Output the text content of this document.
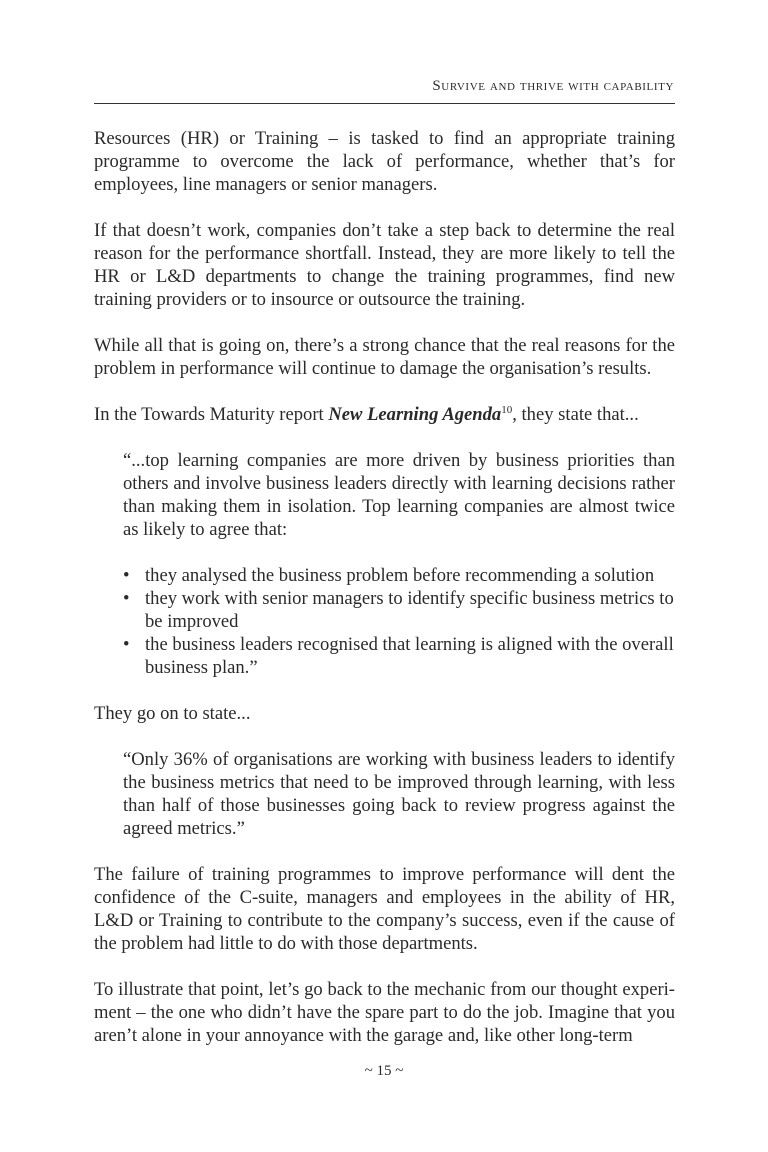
Survive and thrive with capability

Resources (HR) or Training – is tasked to find an appropriate training programme to overcome the lack of performance, whether that’s for employees, line managers or senior managers.

If that doesn’t work, companies don’t take a step back to determine the real reason for the performance shortfall. Instead, they are more likely to tell the HR or L&D departments to change the training programmes, find new training providers or to insource or outsource the training.

While all that is going on, there’s a strong chance that the real reasons for the problem in performance will continue to damage the organisation’s results.

In the Towards Maturity report New Learning Agenda$^{10}$, they state that...

“...top learning companies are more driven by business priorities than others and involve business leaders directly with learning decisions rather than making them in isolation. Top learning companies are almost twice as likely to agree that:

• they analysed the business problem before recommending a solution
• they work with senior managers to identify specific business metrics to be improved
• the business leaders recognised that learning is aligned with the overall business plan.”

They go on to state...

“Only 36% of organisations are working with business leaders to identify the business metrics that need to be improved through learning, with less than half of those businesses going back to review progress against the agreed metrics.”

The failure of training programmes to improve performance will dent the confidence of the C-suite, managers and employees in the ability of HR, L&D or Training to contribute to the company’s success, even if the cause of the problem had little to do with those departments.

To illustrate that point, let’s go back to the mechanic from our thought experi- ment – the one who didn’t have the spare part to do the job. Imagine that you aren’t alone in your annoyance with the garage and, like other long-term

~ 15 ~
